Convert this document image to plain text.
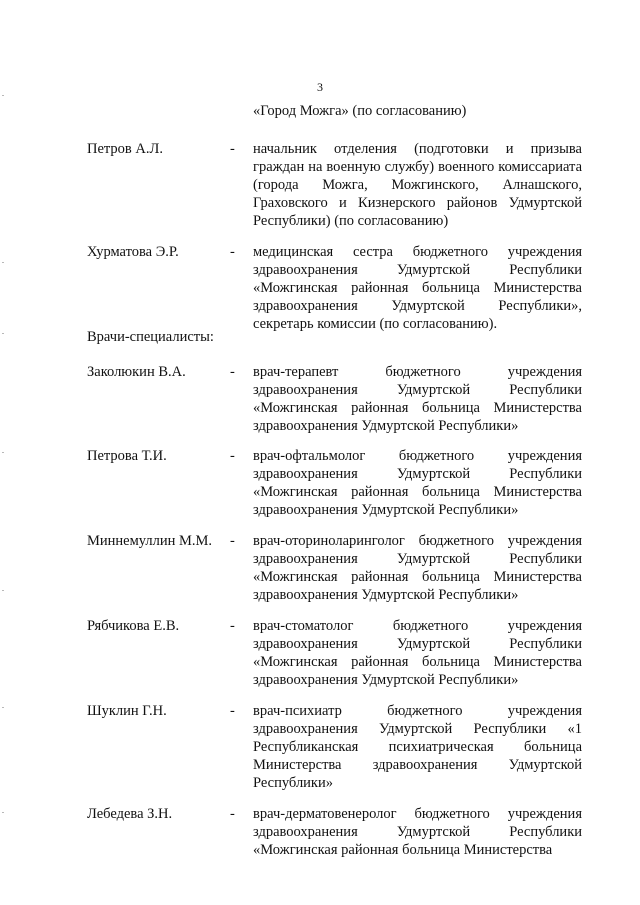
3
«Город Можга» (по согласованию)
Петров А.Л.	- начальник отделения (подготовки и призыва граждан на военную службу) военного комиссариата (города Можга, Можгинского, Алнашского, Граховского и Кизнерского районов Удмуртской Республики) (по согласованию)
Хурматова Э.Р.	- медицинская сестра бюджетного учреждения здравоохранения Удмуртской Республики «Можгинская районная больница Министерства здравоохранения Удмуртской Республики», секретарь комиссии (по согласованию).
Врачи-специалисты:
Заколюкин В.А.	- врач-терапевт бюджетного учреждения здравоохранения Удмуртской Республики «Можгинская районная больница Министерства здравоохранения Удмуртской Республики»
Петрова Т.И.	- врач-офтальмолог бюджетного учреждения здравоохранения Удмуртской Республики «Можгинская районная больница Министерства здравоохранения Удмуртской Республики»
Миннемуллин М.М. - врач-оториноларинголог бюджетного учреждения здравоохранения Удмуртской Республики «Можгинская районная больница Министерства здравоохранения Удмуртской Республики»
Рябчикова Е.В.	- врач-стоматолог бюджетного учреждения здравоохранения Удмуртской Республики «Можгинская районная больница Министерства здравоохранения Удмуртской Республики»
Шуклин Г.Н.	- врач-психиатр бюджетного учреждения здравоохранения Удмуртской Республики «1 Республиканская психиатрическая больница Министерства здравоохранения Удмуртской Республики»
Лебедева З.Н.	- врач-дерматовенеролог бюджетного учреждения здравоохранения Удмуртской Республики «Можгинская районная больница Министерства
